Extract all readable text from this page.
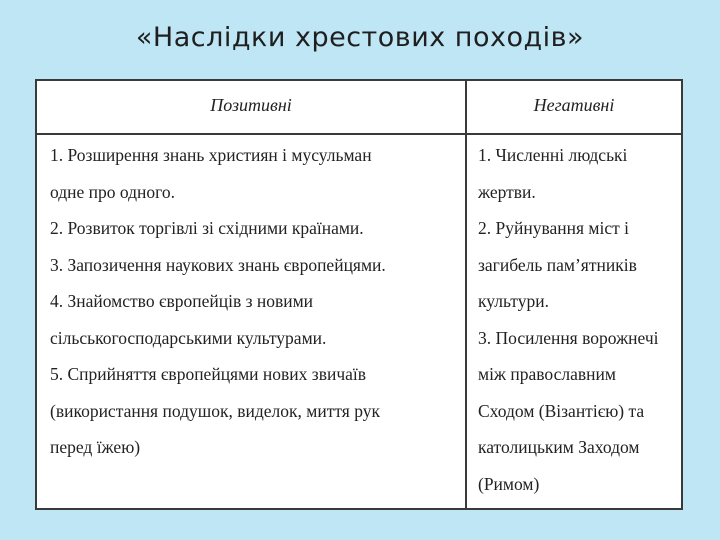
«Наслідки хрестових походів»
Позитивні	Негативні
1. Розширення знань християн і мусульман
одне про одного.
2. Розвиток торгівлі зі східними країнами.
3. Запозичення наукових знань європейцями.
4. Знайомство європейців з новими
сільськогосподарськими культурами.
5. Сприйняття європейцями нових звичаїв
(використання подушок, виделок, миття рук
перед їжею)
1. Численні людські
жертви.
2. Руйнування міст і
загибель пам’ятників
культури.
3. Посилення ворожнечі
між православним
Сходом (Візантією) та
католицьким Заходом
(Римом)
